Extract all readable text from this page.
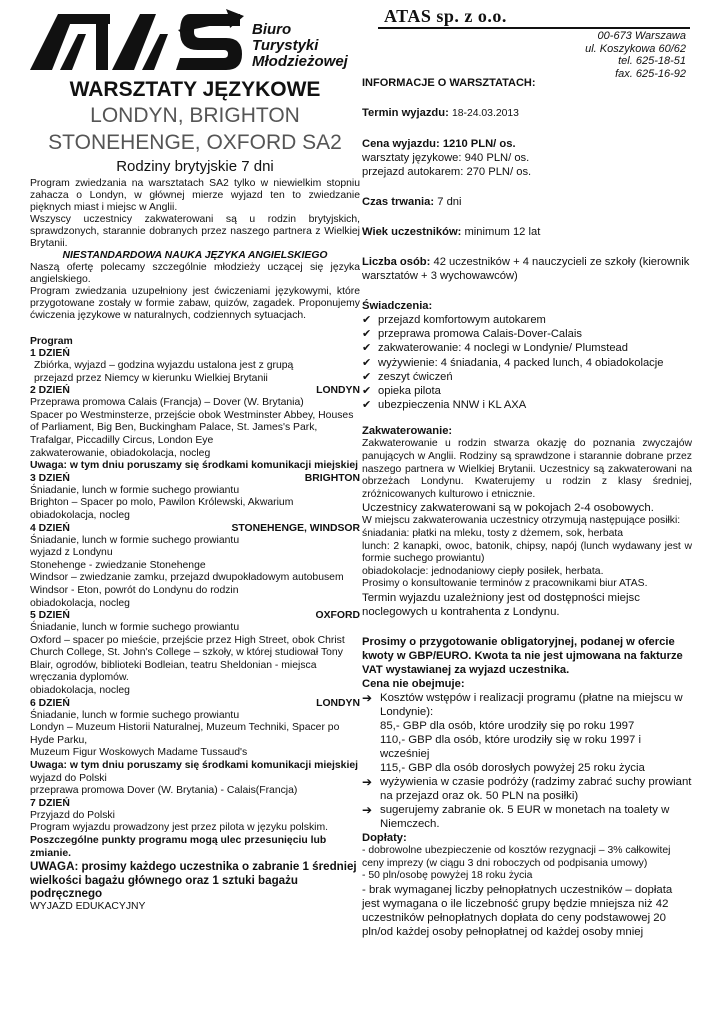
Biuro
Turystyki
Młodzieżowej
ATAS sp. z o.o.
00-673 Warszawa
ul. Koszykowa 60/62
tel. 625-18-51
fax. 625-16-92

WARSZTATY JĘZYKOWE

LONDYN, BRIGHTON

STONEHENGE, OXFORD SA2

Rodziny brytyjskie 7 dni

Program zwiedzania na warsztatach SA2 tylko w niewielkim stopniu zahacza o Londyn, w głównej mierze wyjazd ten to zwiedzanie pięknych miast i miejsc w Anglii.

Wszyscy uczestnicy zakwaterowani są u rodzin brytyjskich, sprawdzonych, starannie dobranych przez naszego partnera z Wielkiej Brytanii.

NIESTANDARDOWA NAUKA JĘZYKA ANGIELSKIEGO

Naszą ofertę polecamy szczególnie młodzieży uczącej się języka angielskiego.

Program zwiedzania uzupełniony jest ćwiczeniami językowymi, które przygotowane zostały w formie zabaw, quizów, zagadek. Proponujemy ćwiczenia językowe w naturalnych, codziennych sytuacjach.

Program

1 DZIEŃ

Zbiórka, wyjazd – godzina wyjazdu ustalona jest z grupą

przejazd przez Niemcy w kierunku Wielkiej Brytanii

2 DZIEŃ	LONDYN

Przeprawa promowa Calais (Francja) – Dover (W. Brytania)

Spacer po Westminsterze, przejście obok Westminster Abbey, Houses of Parliament, Big Ben, Buckingham Palace, St. James's Park, Trafalgar, Piccadilly Circus, London Eye

zakwaterowanie, obiadokolacja, nocleg

Uwaga: w tym dniu poruszamy się środkami komunikacji miejskiej

3 DZIEŃ	BRIGHTON

Śniadanie, lunch w formie suchego prowiantu

Brighton – Spacer po molo, Pawilon Królewski, Akwarium

obiadokolacja, nocleg

4 DZIEŃ	STONEHENGE, WINDSOR

Śniadanie, lunch w formie suchego prowiantu

wyjazd z Londynu

Stonehenge - zwiedzanie Stonehenge

Windsor – zwiedzanie zamku, przejazd dwupokładowym autobusem Windsor - Eton, powrót do Londynu do rodzin

obiadokolacja, nocleg

5 DZIEŃ	OXFORD

Śniadanie, lunch w formie suchego prowiantu

Oxford – spacer po mieście, przejście przez High Street, obok Christ Church College, St. John's College – szkoły, w której studiował Tony Blair, ogrodów, biblioteki Bodleian, teatru Sheldonian - miejsca wręczania dyplomów.

obiadokolacja, nocleg

6 DZIEŃ	LONDYN

Śniadanie, lunch w formie suchego prowiantu

Londyn – Muzeum Historii Naturalnej, Muzeum Techniki, Spacer po Hyde Parku,

Muzeum Figur Woskowych Madame Tussaud's

Uwaga: w tym dniu poruszamy się środkami komunikacji miejskiej

wyjazd do Polski

przeprawa promowa Dover (W. Brytania) - Calais(Francja)

7 DZIEŃ

Przyjazd do Polski

Program wyjazdu prowadzony jest przez pilota w języku polskim.

Poszczególne punkty programu mogą ulec przesunięciu lub zmianie.

UWAGA: prosimy każdego uczestnika o zabranie 1 średniej wielkości bagażu głównego oraz 1 sztuki bagażu podręcznego

WYJAZD EDUKACYJNY

INFORMACJE O WARSZTATACH:

Termin wyjazdu: 18-24.03.2013

Cena wyjazdu: 1210 PLN/ os.

warsztaty językowe: 940 PLN/ os.

przejazd autokarem: 270 PLN/ os.

Czas trwania: 7 dni

Wiek uczestników: minimum 12 lat

Liczba osób: 42 uczestników + 4 nauczycieli ze szkoły (kierownik warsztatów + 3 wychowawców)

Świadczenia:

✔ przejazd komfortowym autokarem
✔ przeprawa promowa Calais-Dover-Calais
✔ zakwaterowanie: 4 noclegi w Londynie/ Plumstead
✔ wyżywienie: 4 śniadania, 4 packed lunch, 4 obiadokolacje
✔ zeszyt ćwiczeń
✔ opieka pilota
✔ ubezpieczenia NNW i KL AXA

Zakwaterowanie:

Zakwaterowanie u rodzin stwarza okazję do poznania zwyczajów panujących w Anglii. Rodziny są sprawdzone i starannie dobrane przez naszego partnera w Wielkiej Brytanii. Uczestnicy są zakwaterowani na obrzeżach Londynu. Kwaterujemy u rodzin z klasy średniej, zróżnicowanych kulturowo i etnicznie.

Uczestnicy zakwaterowani są w pokojach 2-4 osobowych.

W miejscu zakwaterowania uczestnicy otrzymują następujące posiłki:

śniadania: płatki na mleku, tosty z dżemem, sok, herbata

lunch: 2 kanapki, owoc, batonik, chipsy, napój (lunch wydawany jest w formie suchego prowiantu)

obiadokolacje: jednodaniowy ciepły posiłek, herbata.

Prosimy o konsultowanie terminów z pracownikami biur ATAS.

Termin wyjazdu uzależniony jest od dostępności miejsc noclegowych u kontrahenta z Londynu.

Prosimy o przygotowanie obligatoryjnej, podanej w ofercie kwoty w GBP/EURO. Kwota ta nie jest ujmowana na fakturze VAT wystawianej za wyjazd uczestnika.

Cena nie obejmuje:

➔ Kosztów wstępów i realizacji programu (płatne na miejscu w Londynie):

85,- GBP dla osób, które urodziły się po roku 1997

110,- GBP dla osób, które urodziły się w roku 1997 i wcześniej

115,- GBP dla osób dorosłych powyżej 25 roku życia

➔ wyżywienia w czasie podróży (radzimy zabrać suchy prowiant na przejazd oraz ok. 50 PLN na posiłki)
➔ sugerujemy zabranie ok. 5 EUR w monetach na toalety w Niemczech.

Dopłaty:

- dobrowolne ubezpieczenie od kosztów rezygnacji – 3% całkowitej ceny imprezy (w ciągu 3 dni roboczych od podpisania umowy)

- 50 pln/osobę powyżej 18 roku życia

- brak wymaganej liczby pełnopłatnych uczestników – dopłata jest wymagana o ile liczebność grupy będzie mniejsza niż 42 uczestników pełnopłatnych dopłata do ceny podstawowej 20 pln/od każdej osoby pełnopłatnej od każdej osoby mniej
